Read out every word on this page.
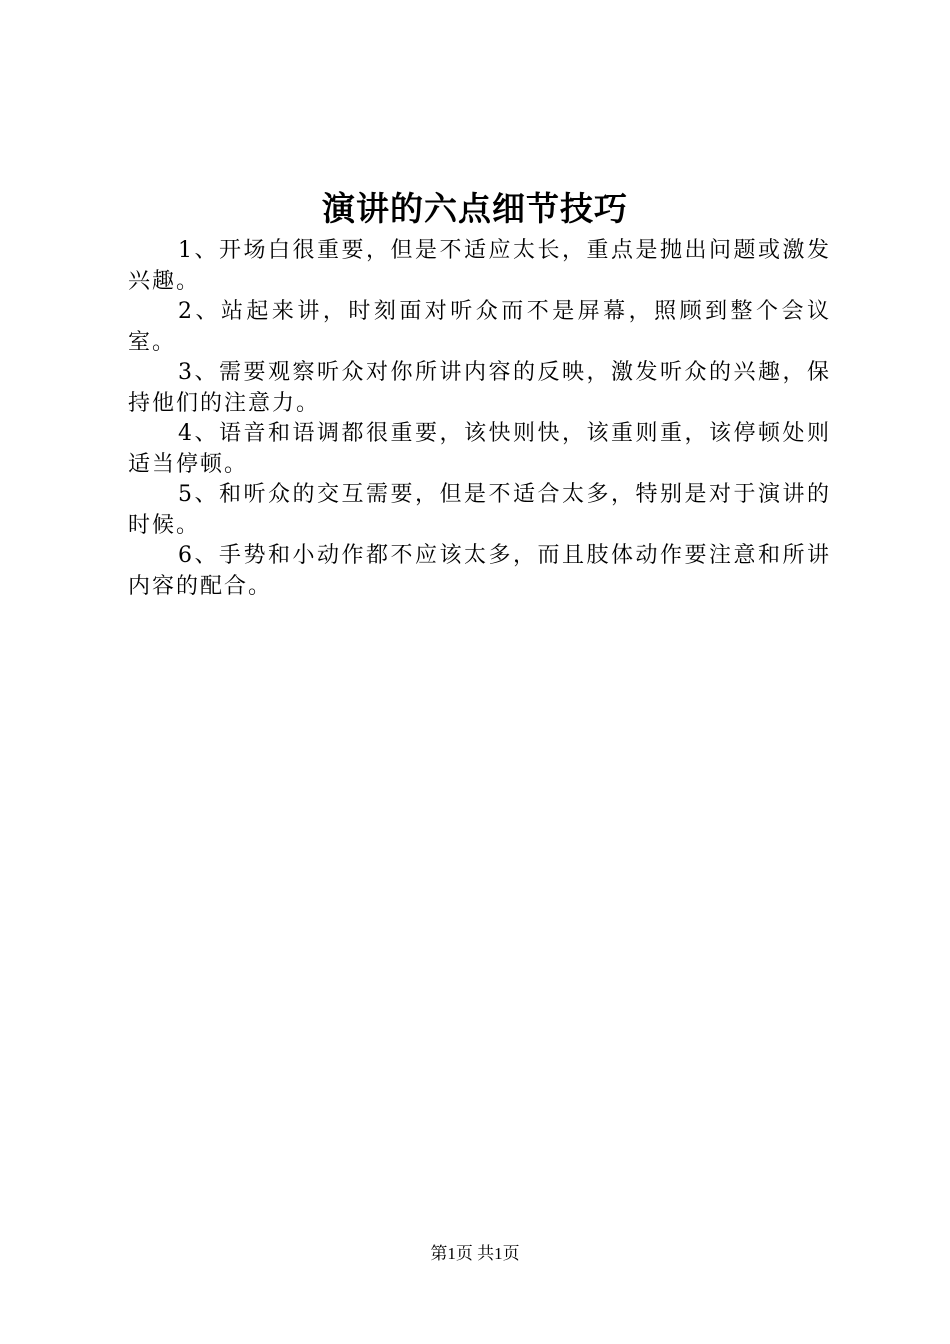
演讲的六点细节技巧

1、开场白很重要，但是不适应太长，重点是抛出问题或激发兴趣。

2、站起来讲，时刻面对听众而不是屏幕，照顾到整个会议室。

3、需要观察听众对你所讲内容的反映，激发听众的兴趣，保持他们的注意力。

4、语音和语调都很重要，该快则快，该重则重，该停顿处则适当停顿。

5、和听众的交互需要，但是不适合太多，特别是对于演讲的时候。

6、手势和小动作都不应该太多，而且肢体动作要注意和所讲内容的配合。

第1页 共1页
